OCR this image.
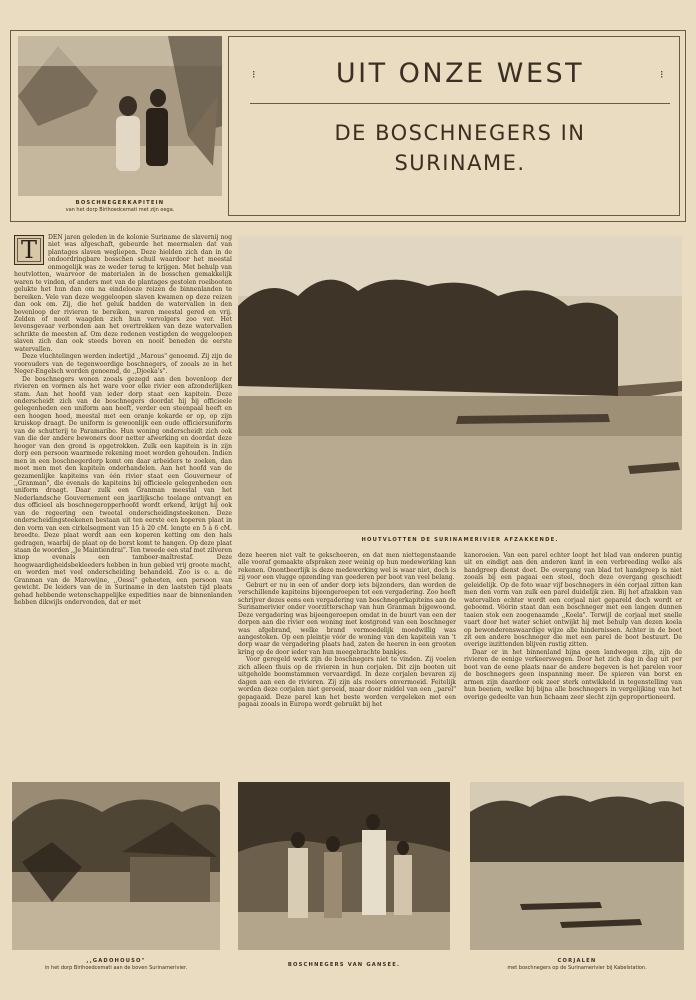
BOSCHNEGERKAPITEIN
van het dorp Birihoedcemati met zijn eega.
⁝	⁝
UIT ONZE WEST
DE BOSCHNEGERS IN
SURINAME.
HOUTVLOTTEN DE SURINAMERIVIER AFZAKKENDE.
T	DEN jaren geleden in de kolonie Suriname de slavernij nog niet was afgeschaft, gebeurde het meermalen dat van plantages slaven wegliepen. Deze hielden zich dan in de ondoordringbare bosschen schuil waardoor het meestal onmogelijk was ze weder terug te krijgen. Met behulp van houtvlotten, waarvoor de materialen in de bosschen gemakkelijk waren te vinden, of anders met van de plantages gestolen roeibooten gelukte het hun dan om na eindelooze reizen de binnenlanden te bereiken. Vele van deze weggeloopen slaven kwamen op deze reizen dan ook om. Zij, die het geluk hadden de watervallen in den bovenloop der rivieren te bereiken, waren meestal gered en vrij. Zelden of nooit waagden zich hun vervolgers zoo ver. Het levensgevaar verbonden aan het overtrekken van deze watervallen schrikte de meesten af. Om deze redenen vestigden de weggeloopen slaven zich dan ook steeds boven en nooit beneden de eerste watervallen.

Deze vluchtelingen werden indertijd ,,Marous" genoemd. Zij zijn de voorouders van de tegenwoordige boschnegers, of zooals ze in het Neger-Engelsch worden genoemd, de ,,Djoeka's".

De boschnegers wonen zooals gezegd aan den bovenloop der rivieren en vormen als het ware voor elke rivier een afzonderlijken stam. Aan het hoofd van ieder dorp staat een kapitein. Deze onderscheidt zich van de boschnegers doordat hij bij officieele gelegenheden een uniform aan heeft, verder een steenpaal heeft en een hoogen hoed, meestal met een oranje kokarde er op, op zijn kruiskop draagt. De uniform is gewoonlijk een oude officiersuniform van de schutterij te Paramaribo. Hun woning onderscheidt zich ook van die der andere bewoners door netter afwerking en doordat deze hooger van den grond is opgetrokken. Zulk een kapitein is in zijn dorp een persoon waarmede rekening moet worden gehouden. Indien men in een boschnegerdorp komt om daar arbeiders te zoeken, dan moet men met den kapitein onderhandelen. Aan het hoofd van de gezamenlijke kapiteins van één rivier staat een Gouverneur of ,,Granman", die evenals de kapiteins bij officieele gelegenheden een uniform draagt. Daar zulk een Granman meestal van het Nederlandsche Gouvernement een jaarlijksche toelage ontvangt en dus officieel als boschnegeropperhoofd wordt erkend, krijgt hij ook van de regeering een tweetal onderscheidingsteekenen. Deze onderscheidingsteekenen bestaan uit ten eerste een koperen plaat in den vorm van een cirkelsegment van 15 à 20 cM. lengte en 5 à 6 cM. breedte. Deze plaat wordt aan een koperen ketting om den hals gedragen, waarbij de plaat op de borst komt te hangen. Op deze plaat staan de woorden ,,Je Maintiendrai". Ten tweede een staf met zilveren knop evenals een tamboer-maîtrestaf. Deze hoogwaardigheidsbekleeders hebben in hun gebied vrij groote macht, en worden met veel onderscheiding behandeld. Zoo is o. a. de Granman van de Marowijne, ,,Oessi" geheeten, een persoon van gewicht. De leiders van de in Suriname in den laatsten tijd plaats gehad hebbende wetenschappelijke expedities naar de binnenlanden hebben dikwijls ondervonden, dat er met

deze heeren niet valt te gekscheeren, en dat men niettegenstaande alle vooraf gemaakte afspraken zeer weinig op hun medewerking kan rekenen. Onontbeerlijk is deze medewerking wel is waar niet, doch is zij voor een vlugge opzending van goederen per boot van veel belang.

Geburt er nu in een of ander dorp iets bijzonders, dan worden de verschillende kapiteins bijeengeroepen tot een vergadering. Zoo heeft schrijver dezes eens een vergadering van boschnegerkapiteins aan de Surinamerivier onder voorzitterschap van hun Granman bijgewoond. Deze vergadering was bijeengeroepen omdat in de buurt van een der dorpen aan die rivier een woning met kostgrond van een boschneger was afgebrand, welke brand vermoedelijk moedwillig was aangestoken. Op een pleintje vóór de woning van den kapitein van 't dorp waar de vergadering plaats had, zaten de heeren in een grooten kring op de door ieder van hun meegebrachte bankjes.

Voor geregeld werk zijn de boschnegers niet te vinden. Zij voelen zich alleen thuis op de rivieren in hun corjalen. Dit zijn booten uit uitgeholde boomstammen vervaardigd. In deze corjalen bevaren zij dagen aan een de rivieren. Zij zijn als roeiers onvermoeid. Feitelijk worden deze corjalen niet geroeid, maar door middel van een ,,parel" gepagaaid. Deze parel kan het beste worden vergeleken met een pagaai zooals in Europa wordt gebruikt bij het

kanoroeien. Van een parel echter loopt het blad van onderen puntig uit en eindigt aan den anderen kant in een verbreeding welke als handgreep dienst doet. De overgang van blad tot handgreep is niet zooals bij een pagaai een steel, doch deze overgang geschiedt geleidelijk. Op de foto waar vijf boschnegers in één corjaal zitten kan men den vorm van zulk een parel duidelijk zien. Bij het afzakken van watervallen echter wordt een corjaal niet gepareld doch wordt er geboomd. Vóórin staat dan een boschneger met een langen dunnen taaien stok een zoogenaamde ,,Koela". Terwijl de corjaal met snelle vaart door het water schiet ontwijkt hij met behulp van dezen koela op bewonderenswaardige wijze alle hindernissen. Achter in de boot zit een andere boschneger die met een parel de boot bestuurt. De overige inzittenden blijven rustig zitten.

Daar er in het binnenland bijna geen landwegen zijn, zijn de rivieren de eenige verkeerswegen. Door het zich dag in dag uit per boot van de eene plaats naar de andere begeven is het parelen voor de boschnegers geen inspanning meer. De spieren van borst en armen zijn daardoor ook zeer sterk ontwikkeld in tegenstelling van hun beenen, welke bij bijna alle boschnegers in vergelijking van het overige gedeelte van hun lichaam zeer slecht zijn geproportioneerd.

,,GADOHOUSO"
in het dorp Birihoedcemati aan de boven Surinamerivier.	BOSCHNEGERS VAN GANSEE.
CORJALEN
met boschnegers op de Surinamerivier bij Kabelstation.
